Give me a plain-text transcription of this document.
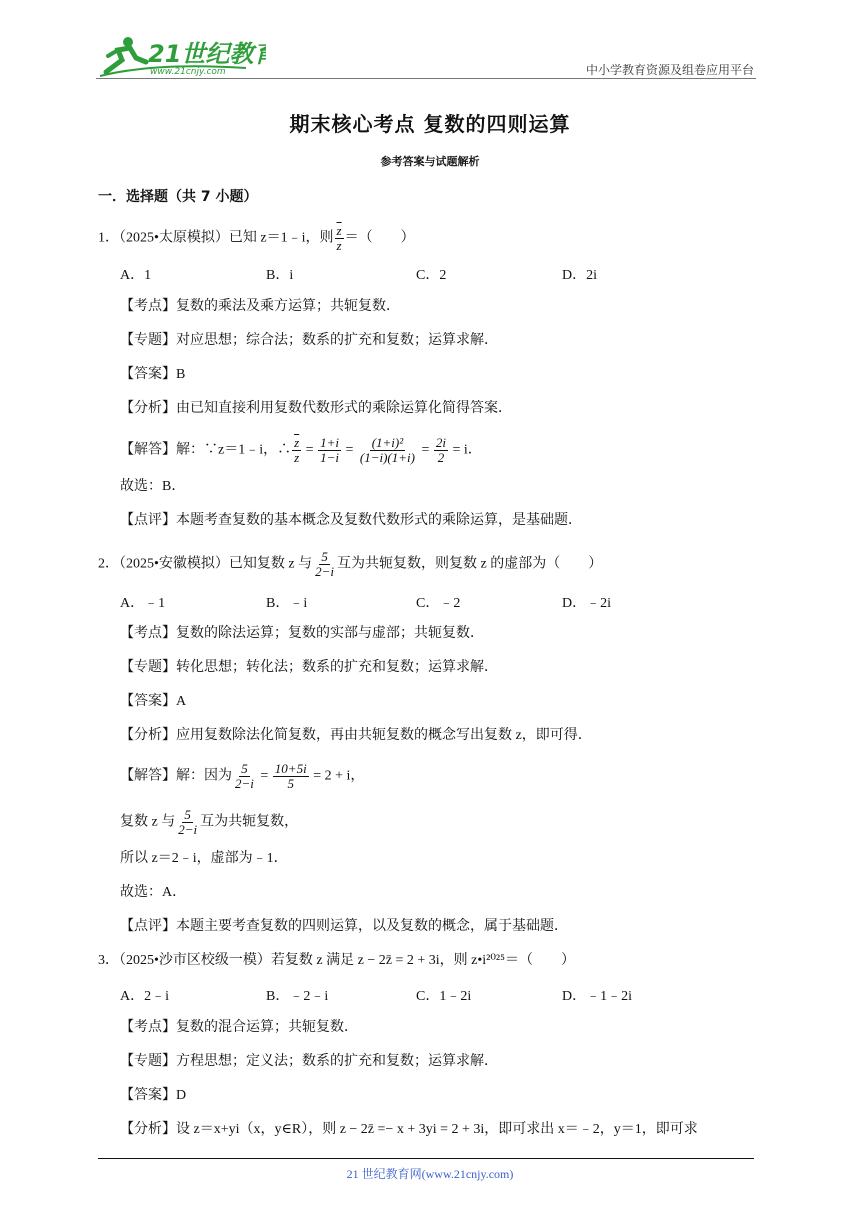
21世纪教育
www.21cnjy.com	中小学教育资源及组卷应用平台
期末核心考点 复数的四则运算
参考答案与试题解析
一．选择题（共 7 小题）
1．（2025•太原模拟）已知 z＝1﹣i，则 $\frac{\overline{z}}{z}$ ＝（　　）
A．1	B．i	C．2	D．2i
【考点】复数的乘法及乘方运算；共轭复数．
【专题】对应思想；综合法；数系的扩充和复数；运算求解．
【答案】B
【分析】由已知直接利用复数代数形式的乘除运算化简得答案．
【解答】解：∵z＝1﹣i，∴ $\frac{\overline{z}}{z} = \frac{1+i}{1-i} = \frac{\text{(1+i)²}}{(1-i)(1+i)} = \frac{2i}{2} = i$．
故选：B．
【点评】本题考查复数的基本概念及复数代数形式的乘除运算，是基础题．
2．（2025•安徽模拟）已知复数 z 与 $\frac{5}{2-i}$ 互为共轭复数，则复数 z 的虚部为（　　）
A．﹣1	B．﹣i	C．﹣2	D．﹣2i
【考点】复数的除法运算；复数的实部与虚部；共轭复数．
【专题】转化思想；转化法；数系的扩充和复数；运算求解．
【答案】A
【分析】应用复数除法化简复数，再由共轭复数的概念写出复数 z，即可得．
【解答】解：因为 $\frac{5}{2-i} = \frac{10+5i}{5} = 2 + i$，
复数 z 与 $\frac{5}{2-i}$ 互为共轭复数，
所以 z＝2﹣i，虚部为﹣1．
故选：A．
【点评】本题主要考查复数的四则运算，以及复数的概念，属于基础题．
3．（2025•沙市区校级一模）若复数 z 满足 z − 2z̄ = 2 + 3i，则 z•i²⁰²⁵＝（　　）
A．2﹣i	B．﹣2﹣i	C．1﹣2i	D．﹣1﹣2i
【考点】复数的混合运算；共轭复数．
【专题】方程思想；定义法；数系的扩充和复数；运算求解．
【答案】D
【分析】设 z＝x+yi（x，y∈R），则 z − 2z̄ =− x + 3yi = 2 + 3i，即可求出 x＝﹣2，y＝1，即可求
21 世纪教育网(www.21cnjy.com)
